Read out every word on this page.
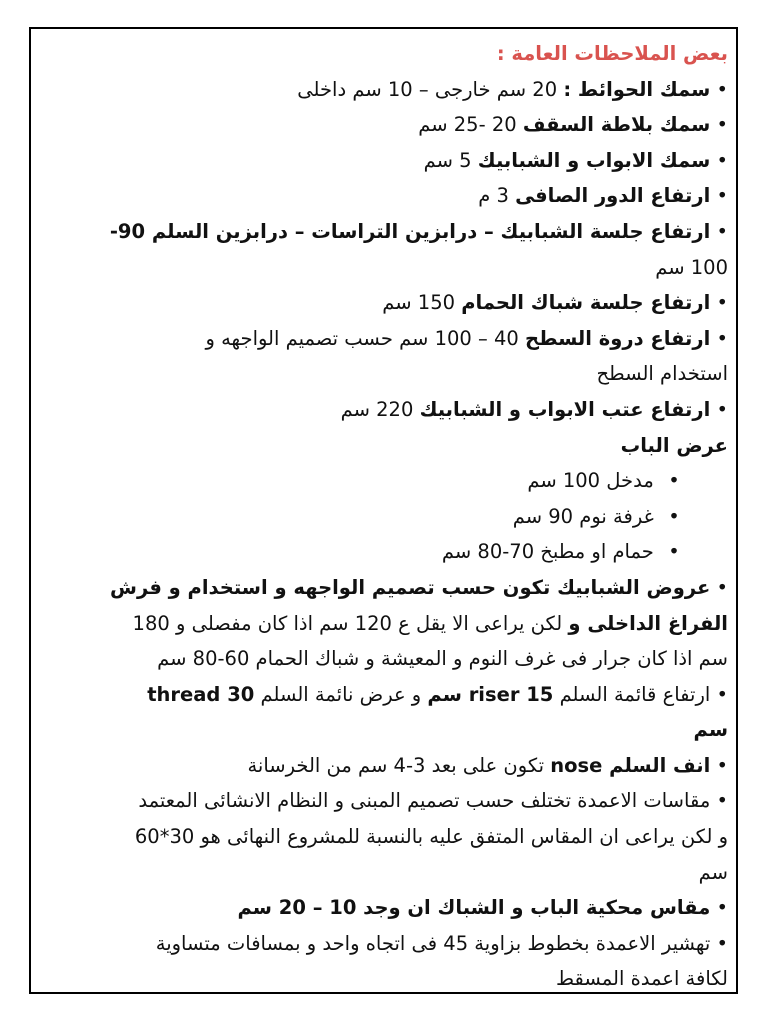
بعض الملاحظات العامة :
• سمك الحوائط : 20 سم خارجى – 10 سم داخلى
• سمك بلاطة السقف 20 -25 سم
• سمك الابواب و الشبابيك 5 سم
• ارتفاع الدور الصافى 3 م
• ارتفاع جلسة الشبابيك – درابزين التراسات – درابزين السلم 90-
100 سم
• ارتفاع جلسة شباك الحمام 150 سم
• ارتفاع دروة السطح 40 – 100 سم حسب تصميم الواجهه و
استخدام السطح
• ارتفاع عتب الابواب و الشبابيك 220 سم
عرض الباب
• مدخل 100 سم
• غرفة نوم 90 سم
• حمام او مطبخ 70-80 سم
• عروض الشبابيك تكون حسب تصميم الواجهه و استخدام و فرش
الفراغ الداخلى و لكن يراعى الا يقل ع 120 سم اذا كان مفصلى و 180
سم اذا كان جرار فى غرف النوم و المعيشة و شباك الحمام 60-80 سم
• ارتفاع قائمة السلم 15 riser سم و عرض نائمة السلم 30 thread
سم
• انف السلم nose تكون على بعد 3-4 سم من الخرسانة
• مقاسات الاعمدة تختلف حسب تصميم المبنى و النظام الانشائى المعتمد
و لكن يراعى ان المقاس المتفق عليه بالنسبة للمشروع النهائى هو 30*60
سم
• مقاس محكية الباب و الشباك ان وجد 10 – 20 سم
• تهشير الاعمدة بخطوط بزاوية 45 فى اتجاه واحد و بمسافات متساوية
لكافة اعمدة المسقط
